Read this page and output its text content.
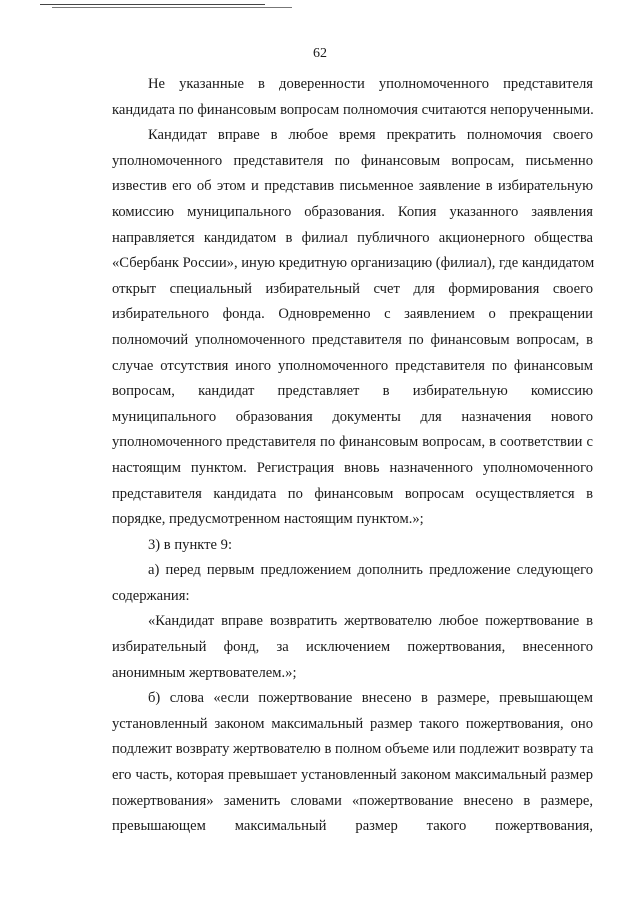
62
Не указанные в доверенности уполномоченного представителя
кандидата по финансовым вопросам полномочия считаются непорученными.
Кандидат вправе в любое время прекратить полномочия своего
уполномоченного представителя по финансовым вопросам, письменно
известив его об этом и представив письменное заявление в избирательную
комиссию муниципального образования. Копия указанного заявления
направляется кандидатом в филиал публичного акционерного общества
«Сбербанк России», иную кредитную организацию (филиал), где кандидатом
открыт специальный избирательный счет для формирования своего
избирательного фонда. Одновременно с заявлением о прекращении
полномочий уполномоченного представителя по финансовым вопросам, в
случае отсутствия иного уполномоченного представителя по финансовым
вопросам, кандидат представляет в избирательную комиссию
муниципального образования документы для назначения нового
уполномоченного представителя по финансовым вопросам, в соответствии с
настоящим пунктом. Регистрация вновь назначенного уполномоченного
представителя кандидата по финансовым вопросам осуществляется в
порядке, предусмотренном настоящим пунктом.»;
3) в пункте 9:
а) перед первым предложением дополнить предложение следующего
содержания:
«Кандидат вправе возвратить жертвователю любое пожертвование в
избирательный фонд, за исключением пожертвования, внесенного
анонимным жертвователем.»;
б) слова «если пожертвование внесено в размере, превышающем
установленный законом максимальный размер такого пожертвования, оно
подлежит возврату жертвователю в полном объеме или подлежит возврату та
его часть, которая превышает установленный законом максимальный размер
пожертвования» заменить словами «пожертвование внесено в размере,
превышающем максимальный размер такого пожертвования,
